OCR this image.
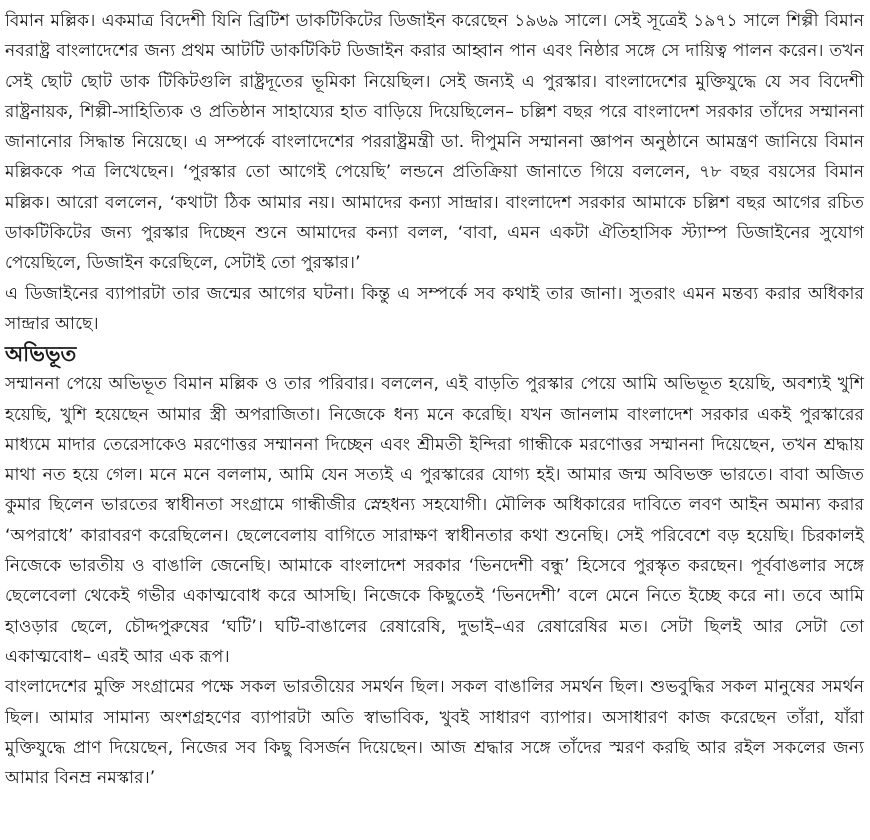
বিমান মল্লিক। একমাত্র বিদেশী যিনি ব্রিটিশ ডাকটিকিটের ডিজাইন করেছেন ১৯৬৯ সালে। সেই সূত্রেই ১৯৭১ সালে শিল্পী বিমান নবরাষ্ট্র বাংলাদেশের জন্য প্রথম আটটি ডাকটিকিট ডিজাইন করার আহ্বান পান এবং নিষ্ঠার সঙ্গে সে দায়িত্ব পালন করেন। তখন সেই ছোট ছোট ডাক টিকিটগুলি রাষ্ট্রদূতের ভূমিকা নিয়েছিল। সেই জন্যই এ পুরস্কার। বাংলাদেশের মুক্তিযুদ্ধে যে সব বিদেশী রাষ্ট্রনায়ক, শিল্পী-সাহিত্যিক ও প্রতিষ্ঠান সাহায্যের হাত বাড়িয়ে দিয়েছিলেন– চল্লিশ বছর পরে বাংলাদেশ সরকার তাঁদের সম্মাননা জানানোর সিদ্ধান্ত নিয়েছে। এ সম্পর্কে বাংলাদেশের পররাষ্ট্রমন্ত্রী ডা. দীপুমনি সম্মাননা জ্ঞাপন অনুষ্ঠানে আমন্ত্রণ জানিয়ে বিমান মল্লিককে পত্র লিখেছেন। ‘পুরস্কার তো আগেই পেয়েছি’ লন্ডনে প্রতিক্রিয়া জানাতে গিয়ে বললেন, ৭৮ বছর বয়সের বিমান মল্লিক। আরো বললেন, ‘কথাটা ঠিক আমার নয়। আমাদের কন্যা সান্দ্রার। বাংলাদেশ সরকার আমাকে চল্লিশ বছর আগের রচিত ডাকটিকিটের জন্য পুরস্কার দিচ্ছেন শুনে আমাদের কন্যা বলল, ‘বাবা, এমন একটা ঐতিহাসিক স্ট্যাম্প ডিজাইনের সুযোগ পেয়েছিলে, ডিজাইন করেছিলে, সেটাই তো পুরস্কার।’

এ ডিজাইনের ব্যাপারটা তার জন্মের আগের ঘটনা। কিন্তু এ সম্পর্কে সব কথাই তার জানা। সুতরাং এমন মন্তব্য করার অধিকার সান্দ্রার আছে।

অভিভূত

সম্মাননা পেয়ে অভিভূত বিমান মল্লিক ও তার পরিবার। বললেন, এই বাড়তি পুরস্কার পেয়ে আমি অভিভূত হয়েছি, অবশ্যই খুশি হয়েছি, খুশি হয়েছেন আমার স্ত্রী অপরাজিতা। নিজেকে ধন্য মনে করেছি। যখন জানলাম বাংলাদেশ সরকার একই পুরস্কারের মাধ্যমে মাদার তেরেসাকেও মরণোত্তর সম্মাননা দিচ্ছেন এবং শ্রীমতী ইন্দিরা গান্ধীকে মরণোত্তর সম্মাননা দিয়েছেন, তখন শ্রদ্ধায় মাথা নত হয়ে গেল। মনে মনে বললাম, আমি যেন সত্যই এ পুরস্কারের যোগ্য হই। আমার জন্ম অবিভক্ত ভারতে। বাবা অজিত কুমার ছিলেন ভারতের স্বাধীনতা সংগ্রামে গান্ধীজীর স্নেহধন্য সহযোগী। মৌলিক অধিকারের দাবিতে লবণ আইন অমান্য করার ‘অপরাধে’ কারাবরণ করেছিলেন। ছেলেবেলায় বাগিতে সারাক্ষণ স্বাধীনতার কথা শুনেছি। সেই পরিবেশে বড় হয়েছি। চিরকালই নিজেকে ভারতীয় ও বাঙালি জেনেছি। আমাকে বাংলাদেশ সরকার ‘ভিনদেশী বন্ধু’ হিসেবে পুরস্কৃত করছেন। পূর্ববাঙলার সঙ্গে ছেলেবেলা থেকেই গভীর একাত্মবোধ করে আসছি। নিজেকে কিছুতেই ‘ভিনদেশী’ বলে মেনে নিতে ইচ্ছে করে না। তবে আমি হাওড়ার ছেলে, চৌদ্দপুরুষের ‘ঘটি’। ঘটি-বাঙালের রেষারেষি, দুভাই–এর রেষারেষির মত। সেটা ছিলই আর সেটা তো একাত্মবোধ– এরই আর এক রূপ।

বাংলাদেশের মুক্তি সংগ্রামের পক্ষে সকল ভারতীয়ের সমর্থন ছিল। সকল বাঙালির সমর্থন ছিল। শুভবুদ্ধির সকল মানুষের সমর্থন ছিল। আমার সামান্য অংশগ্রহণের ব্যাপারটা অতি স্বাভাবিক, খুবই সাধারণ ব্যাপার। অসাধারণ কাজ করেছেন তাঁরা, যাঁরা মুক্তিযুদ্ধে প্রাণ দিয়েছেন, নিজের সব কিছু বিসর্জন দিয়েছেন। আজ শ্রদ্ধার সঙ্গে তাঁদের স্মরণ করছি আর রইল সকলের জন্য আমার বিনম্র নমস্কার।’
